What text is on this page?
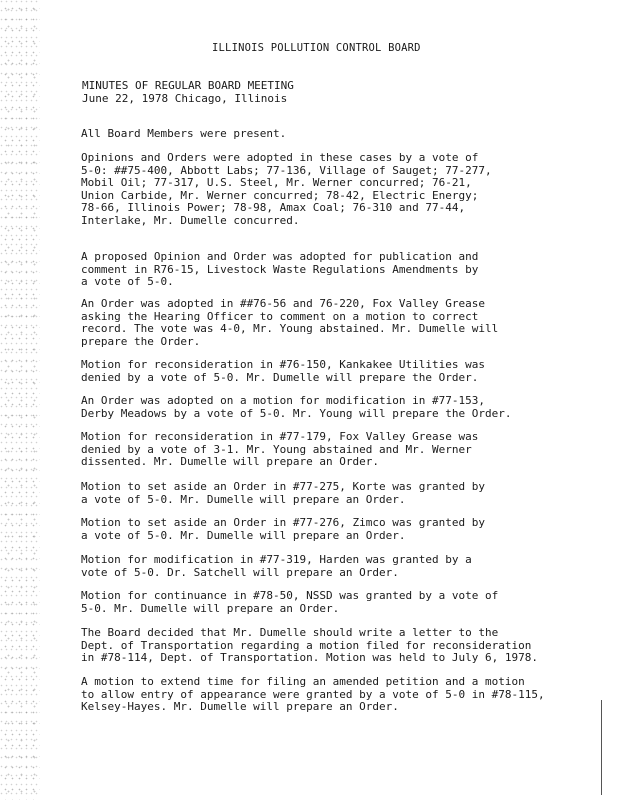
ILLINOIS POLLUTION CONTROL BOARD
MINUTES OF REGULAR BOARD MEETING
June 22, 1978 Chicago, Illinois

All Board Members were present.

Opinions and Orders were adopted in these cases by a vote of
5-0: ##75-400, Abbott Labs; 77-136, Village of Sauget; 77-277,
Mobil Oil; 77-317, U.S. Steel, Mr. Werner concurred; 76-21,
Union Carbide, Mr. Werner concurred; 78-42, Electric Energy;
78-66, Illinois Power; 78-98, Amax Coal; 76-310 and 77-44,
Interlake, Mr. Dumelle concurred.

A proposed Opinion and Order was adopted for publication and
comment in R76-15, Livestock Waste Regulations Amendments by
a vote of 5-0.

An Order was adopted in ##76-56 and 76-220, Fox Valley Grease
asking the Hearing Officer to comment on a motion to correct
record. The vote was 4-0, Mr. Young abstained. Mr. Dumelle will
prepare the Order.

Motion for reconsideration in #76-150, Kankakee Utilities was
denied by a vote of 5-0. Mr. Dumelle will prepare the Order.

An Order was adopted on a motion for modification in #77-153,
Derby Meadows by a vote of 5-0. Mr. Young will prepare the Order.

Motion for reconsideration in #77-179, Fox Valley Grease was
denied by a vote of 3-1. Mr. Young abstained and Mr. Werner
dissented. Mr. Dumelle will prepare an Order.

Motion to set aside an Order in #77-275, Korte was granted by
a vote of 5-0. Mr. Dumelle will prepare an Order.

Motion to set aside an Order in #77-276, Zimco was granted by
a vote of 5-0. Mr. Dumelle will prepare an Order.

Motion for modification in #77-319, Harden was granted by a
vote of 5-0. Dr. Satchell will prepare an Order.

Motion for continuance in #78-50, NSSD was granted by a vote of
5-0. Mr. Dumelle will prepare an Order.

The Board decided that Mr. Dumelle should write a letter to the
Dept. of Transportation regarding a motion filed for reconsideration
in #78-114, Dept. of Transportation. Motion was held to July 6, 1978.

A motion to extend time for filing an amended petition and a motion
to allow entry of appearance were granted by a vote of 5-0 in #78-115,
Kelsey-Hayes. Mr. Dumelle will prepare an Order.
